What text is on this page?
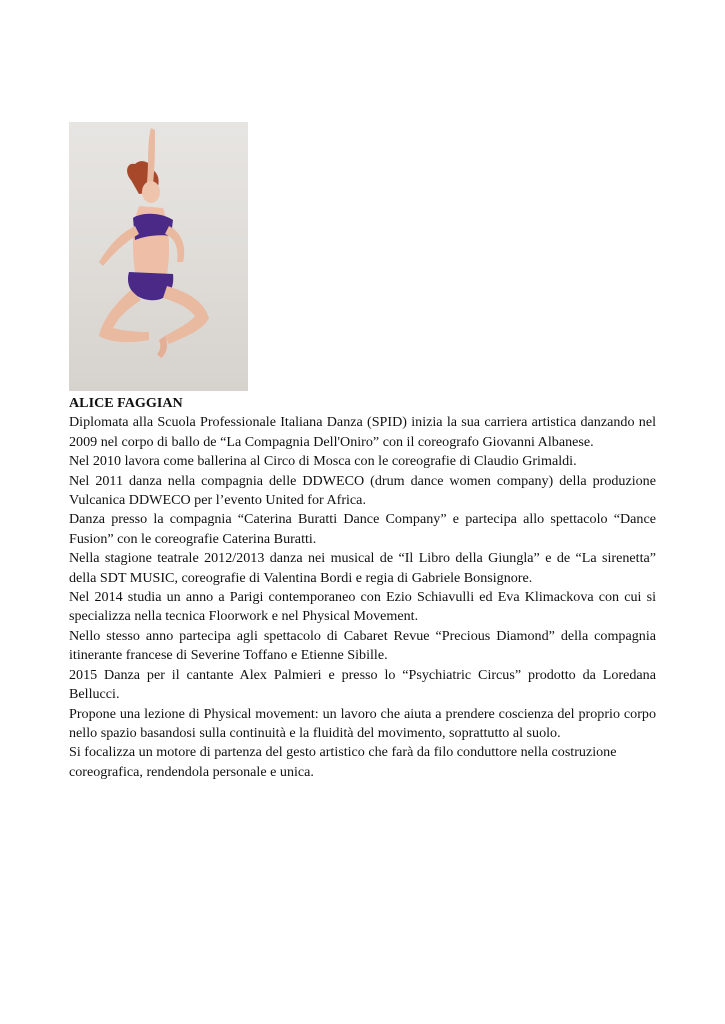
ALICE FAGGIAN

Diplomata alla Scuola Professionale Italiana Danza (SPID) inizia la sua carriera artistica danzando nel 2009 nel corpo di ballo de “La Compagnia Dell'Oniro” con il coreografo Giovanni Albanese.

Nel 2010 lavora come ballerina al Circo di Mosca con le coreografie di Claudio Grimaldi.

Nel 2011 danza nella compagnia delle DDWECO (drum dance women company) della produzione Vulcanica DDWECO per l’evento United for Africa.

Danza presso la compagnia “Caterina Buratti Dance Company” e partecipa allo spettacolo “Dance Fusion” con le coreografie Caterina Buratti.

Nella stagione teatrale 2012/2013 danza nei musical de “Il Libro della Giungla” e de “La sirenetta” della SDT MUSIC, coreografie di Valentina Bordi e regia di Gabriele Bonsignore.

Nel 2014 studia un anno a Parigi contemporaneo con Ezio Schiavulli ed Eva Klimackova con cui si specializza nella tecnica Floorwork e nel Physical Movement.

Nello stesso anno partecipa agli spettacolo di Cabaret Revue “Precious Diamond” della compagnia itinerante francese di Severine Toffano e Etienne Sibille.

2015 Danza per il cantante Alex Palmieri e presso lo “Psychiatric Circus” prodotto da Loredana Bellucci.

Propone una lezione di Physical movement: un lavoro che aiuta a prendere coscienza del proprio corpo nello spazio basandosi sulla continuità e la fluidità del movimento, soprattutto al suolo.

Si focalizza un motore di partenza del gesto artistico che farà da filo conduttore nella costruzione coreografica, rendendola personale e unica.
